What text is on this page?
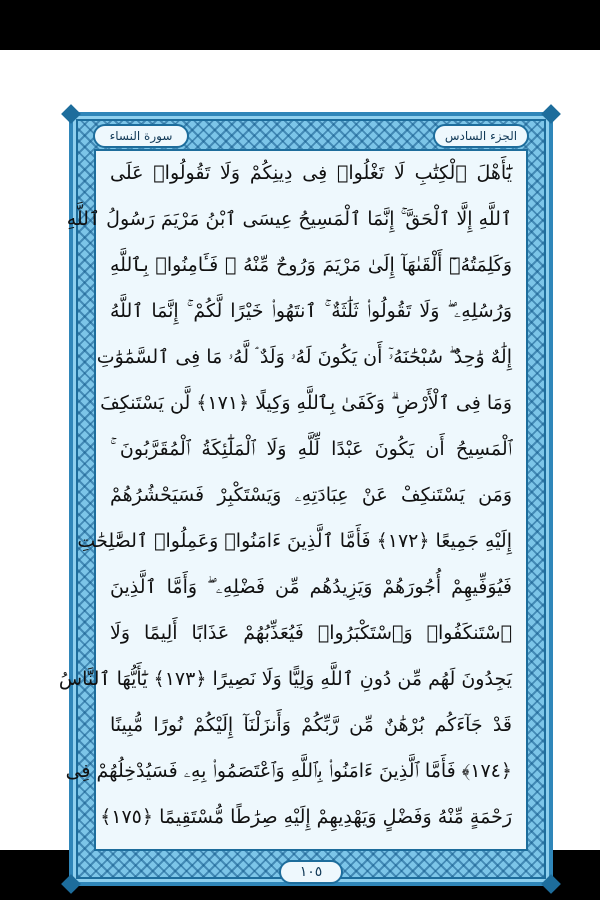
سورة النساء	الجزء السادس
يَٰٓأَهْلَ ٱلْكِتَٰبِ لَا تَغْلُوا۟ فِى دِينِكُمْ وَلَا تَقُولُوا۟ عَلَى
ٱللَّهِ إِلَّا ٱلْحَقَّ ۚ إِنَّمَا ٱلْمَسِيحُ عِيسَى ٱبْنُ مَرْيَمَ رَسُولُ ٱللَّهِ
وَكَلِمَتُهُۥٓ أَلْقَىٰهَآ إِلَىٰ مَرْيَمَ وَرُوحٌ مِّنْهُ ۖ فَـَٔامِنُوا۟ بِٱللَّهِ
وَرُسُلِهِۦ ۖ وَلَا تَقُولُوا۟ ثَلَٰثَةٌ ۚ ٱنتَهُوا۟ خَيْرًا لَّكُمْ ۚ إِنَّمَا ٱللَّهُ
إِلَٰهٌ وَٰحِدٌ ۖ سُبْحَٰنَهُۥٓ أَن يَكُونَ لَهُۥ وَلَدٌ ۘ لَّهُۥ مَا فِى ٱلسَّمَٰوَٰتِ
وَمَا فِى ٱلْأَرْضِ ۗ وَكَفَىٰ بِٱللَّهِ وَكِيلًا ﴿١٧١﴾ لَّن يَسْتَنكِفَ
ٱلْمَسِيحُ أَن يَكُونَ عَبْدًا لِّلَّهِ وَلَا ٱلْمَلَٰٓئِكَةُ ٱلْمُقَرَّبُونَ ۚ
وَمَن يَسْتَنكِفْ عَنْ عِبَادَتِهِۦ وَيَسْتَكْبِرْ فَسَيَحْشُرُهُمْ
إِلَيْهِ جَمِيعًا ﴿١٧٢﴾ فَأَمَّا ٱلَّذِينَ ءَامَنُوا۟ وَعَمِلُوا۟ ٱلصَّٰلِحَٰتِ
فَيُوَفِّيهِمْ أُجُورَهُمْ وَيَزِيدُهُم مِّن فَضْلِهِۦ ۖ وَأَمَّا ٱلَّذِينَ
ٱسْتَنكَفُوا۟ وَٱسْتَكْبَرُوا۟ فَيُعَذِّبُهُمْ عَذَابًا أَلِيمًا وَلَا
يَجِدُونَ لَهُم مِّن دُونِ ٱللَّهِ وَلِيًّا وَلَا نَصِيرًا ﴿١٧٣﴾ يَٰٓأَيُّهَا ٱلنَّاسُ
قَدْ جَآءَكُم بُرْهَٰنٌ مِّن رَّبِّكُمْ وَأَنزَلْنَآ إِلَيْكُمْ نُورًا مُّبِينًا
﴿١٧٤﴾ فَأَمَّا ٱلَّذِينَ ءَامَنُوا۟ بِٱللَّهِ وَٱعْتَصَمُوا۟ بِهِۦ فَسَيُدْخِلُهُمْ فِى
رَحْمَةٍ مِّنْهُ وَفَضْلٍ وَيَهْدِيهِمْ إِلَيْهِ صِرَٰطًا مُّسْتَقِيمًا ﴿١٧٥﴾
١٠٥
